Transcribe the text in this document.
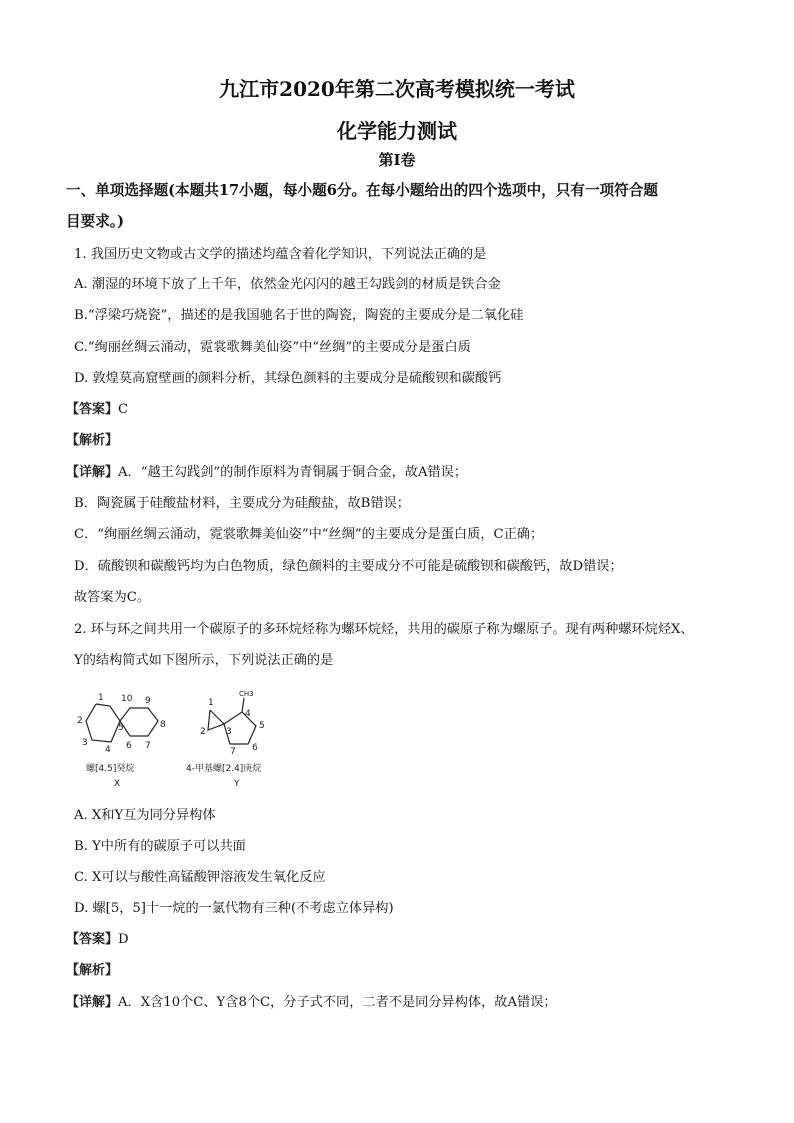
九江市2020年第二次高考模拟统一考试
化学能力测试
第Ⅰ卷
一、单项选择题(本题共17小题，每小题6分。在每小题给出的四个选项中，只有一项符合题
目要求。)
1. 我国历史文物或古文学的描述均蕴含着化学知识，下列说法正确的是
A. 潮湿的环境下放了上千年，依然金光闪闪的越王勾践剑的材质是铁合金
B.“浮梁巧烧瓷”，描述的是我国驰名于世的陶瓷，陶瓷的主要成分是二氧化硅
C.“绚丽丝绸云涌动，霓裳歌舞美仙姿”中“丝绸”的主要成分是蛋白质
D. 敦煌莫高窟壁画的颜料分析，其绿色颜料的主要成分是硫酸钡和碳酸钙
【答案】C
【解析】
【详解】A．“越王勾践剑”的制作原料为青铜属于铜合金，故A错误；
B．陶瓷属于硅酸盐材料，主要成分为硅酸盐，故B错误；
C．“绚丽丝绸云涌动，霓裳歌舞美仙姿”中“丝绸”的主要成分是蛋白质，C正确；
D．硫酸钡和碳酸钙均为白色物质，绿色颜料的主要成分不可能是硫酸钡和碳酸钙，故D错误；
故答案为C。
2. 环与环之间共用一个碳原子的多环烷烃称为螺环烷烃，共用的碳原子称为螺原子。现有两种螺环烷烃X、
Y的结构简式如下图所示，下列说法正确的是
1 10 9
2
5	8
3
4 6 7
螺[4.5]癸烷
X
CH3
1
4
5
2 3
6
7
4-甲基螺[2.4]庚烷
Y
A. X和Y互为同分异构体
B. Y中所有的碳原子可以共面
C. X可以与酸性高锰酸钾溶液发生氧化反应
D. 螺[5，5]十一烷的一氯代物有三种(不考虑立体异构)
【答案】D
【解析】
【详解】A．X含10个C、Y含8个C，分子式不同，二者不是同分异构体，故A错误；
